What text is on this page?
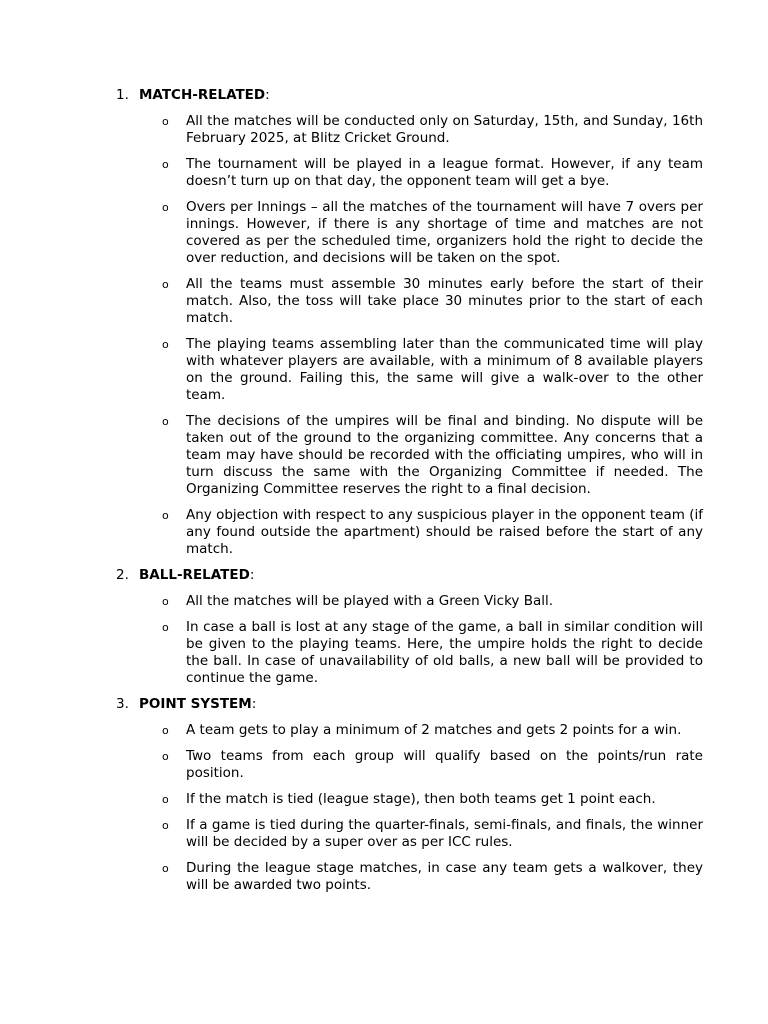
1. MATCH-RELATED:
o All the matches will be conducted only on Saturday, 15th, and Sunday, 16th February 2025, at Blitz Cricket Ground.
o The tournament will be played in a league format. However, if any team doesn’t turn up on that day, the opponent team will get a bye.
o Overs per Innings – all the matches of the tournament will have 7 overs per innings. However, if there is any shortage of time and matches are not covered as per the scheduled time, organizers hold the right to decide the over reduction, and decisions will be taken on the spot.
o All the teams must assemble 30 minutes early before the start of their match. Also, the toss will take place 30 minutes prior to the start of each match.
o The playing teams assembling later than the communicated time will play with whatever players are available, with a minimum of 8 available players on the ground. Failing this, the same will give a walk-over to the other team.
o The decisions of the umpires will be final and binding. No dispute will be taken out of the ground to the organizing committee. Any concerns that a team may have should be recorded with the officiating umpires, who will in turn discuss the same with the Organizing Committee if needed. The Organizing Committee reserves the right to a final decision.
o Any objection with respect to any suspicious player in the opponent team (if any found outside the apartment) should be raised before the start of any match.
2. BALL-RELATED:
o All the matches will be played with a Green Vicky Ball.
o In case a ball is lost at any stage of the game, a ball in similar condition will be given to the playing teams. Here, the umpire holds the right to decide the ball. In case of unavailability of old balls, a new ball will be provided to continue the game.
3. POINT SYSTEM:
o A team gets to play a minimum of 2 matches and gets 2 points for a win.
o Two teams from each group will qualify based on the points/run rate position.
o If the match is tied (league stage), then both teams get 1 point each.
o If a game is tied during the quarter-finals, semi-finals, and finals, the winner will be decided by a super over as per ICC rules.
o During the league stage matches, in case any team gets a walkover, they will be awarded two points.
